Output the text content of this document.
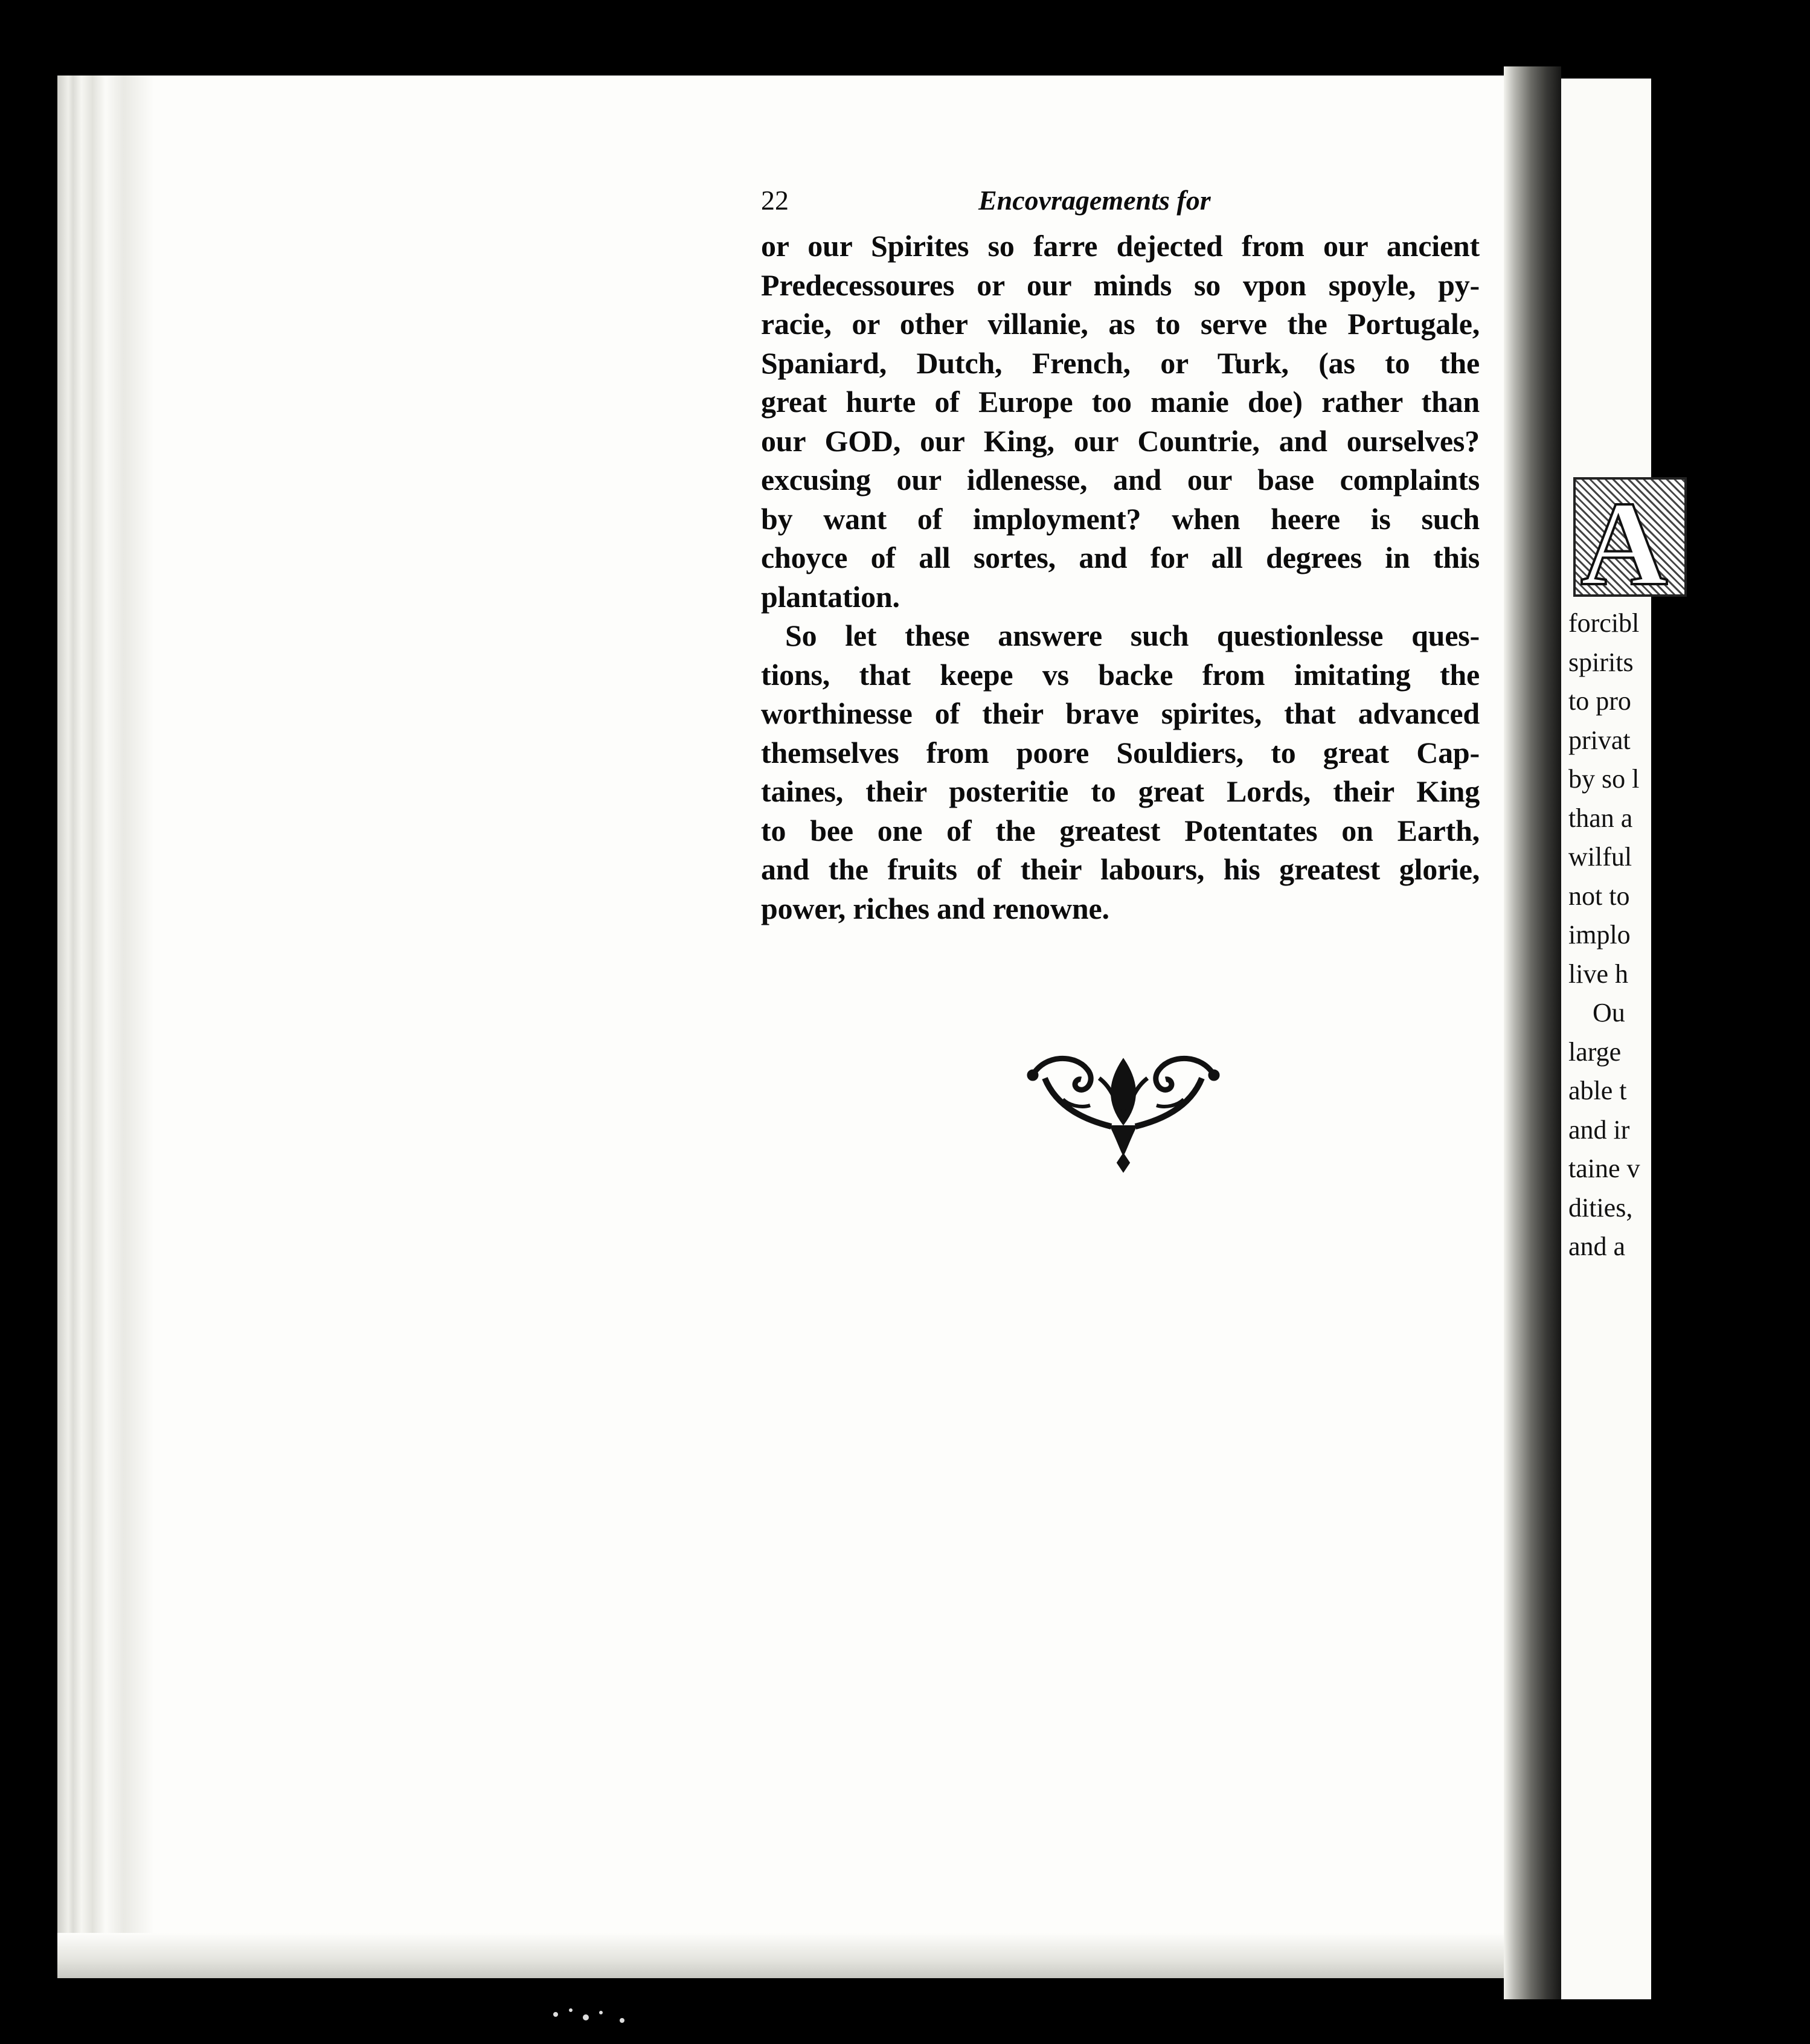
A
forcibl
spirits
to pro
privat
by so l
than a
wilful
not to
implo
live h
Ou
large
able t
and ir
taine v
dities,
and a
22	Encovragements for
or our Spirites so farre dejected from our ancient
Predecessoures or our minds so vpon spoyle, py-
racie, or other villanie, as to serve the Portugale,
Spaniard, Dutch, French, or Turk, (as to the
great hurte of Europe too manie doe) rather than
our GOD, our King, our Countrie, and ourselves?
excusing our idlenesse, and our base complaints
by want of imployment? when heere is such
choyce of all sortes, and for all degrees in this
plantation.
So let these answere such questionlesse ques-
tions, that keepe vs backe from imitating the
worthinesse of their brave spirites, that advanced
themselves from poore Souldiers, to great Cap-
taines, their posteritie to great Lords, their King
to bee one of the greatest Potentates on Earth,
and the fruits of their labours, his greatest glorie,
power, riches and renowne.
